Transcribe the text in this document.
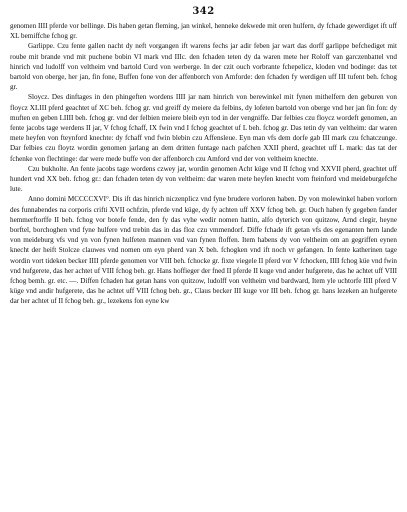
342

genomen IIII pferde vor bellinge. Dis haben getan fleming, jan winkel, henneke dekwede mit oren hulfern, dy fchade gewerdiget ift uff XL bemiffche fchog gr.

Garlippe. Czu fente gallen nacht dy neft vorgangen ift warens fechs jar adir feben jar wart das dorff garlippe befchediget mit roube mit brande vnd mit puchene bobin VI mark vnd IIIc. den fchaden teten dy da waren mete her Roloff van garczenbattel vnd hinrich vnd ludolff von veltheim vnd bartold Curd von werberge. In der czit ouch vorbrante fchepelicz, kloden vnd bodinge: das tet bartold von oberge, her jan, fin fone, Buffen fone von der affenborch von Amforde: den fchaden fy werdigen uff III tufent beh. fchog gr.

Sloycz. Des dinftages in den phingeften wordens IIII jar nam hinrich von berewinkel mit fynen mithelfern den geburen von floycz XLIII pferd geachtet uf XC beh. fchog gr. vnd greiff dy meiere da felbins, dy lofeten bartold von oberge vnd her jan fin fon: dy muften en geben LIIII beh. fchog gr. vnd der felbien meiere bleib eyn tod in der vengniffe. Dar felbies czu floycz wordeft genomen, an fente jacobs tage werdens II jar, V fchog fchaff, IX fwin vnd I fchog geachtet uf L beh. fchog gr. Das tetin dy van veltheim: dar waren mete heyfen von fteynford knechte: dy fchaff vnd fwin blebin czu Affensleue. Eyn man vfs dem dorfe gab III mark czu fchatczunge. Dar felbies czu floytz wordin genomen jarlang an dem dritten funtage nach pafchen XXII pherd, geachtet uff L mark: das tat der fchenke von flechtinge: dar were mede buffe von der affenborch czu Amford vnd der von veltheim knechte.

Czu bukholte. An fente jacobs tage wordens czwey jar, wordin genomen Acht küge vnd II fchog vnd XXVII pherd, geachtet uff hundert vnd XX beh. fchog gr.: dan fchaden teten dy von veltheim: dar waren mete heyfen knecht vom fteinford vnd meideburgefche lute.

Anno domini MCCCCXVI°. Dis ift das hinrich niczenplicz vnd fyne brudere vorloren haben. Dy von molewinkel haben vorlorn des funnabendes na corporis crifti XVII ochfzin, pferde vnd küge, dy fy achten uff XXV fchog beh. gr. Ouch haben fy gegeben fander hemmerftorffe II beh. fchog vor botefe fende, den fy das vyhe wedir nomen hattin, alfo dyterich von quitzow, Arnd clegir, heyne borftel, borchoghen vnd fyne hulfere vnd trebin das in das floz czu vmmendorf. Diffe fchade ift getan vfs des egenanten hern lande von meideburg vfs vnd yn von fynen hulfeten mannen vnd van fynen floffen. Item habens dy von veltheim om an gegriffen eynen knecht der heift Stolcze clauwes vnd nomen om eyn pherd van X beh. fchogken vnd ift noch vr gefangen. In fente katherinen tage wordin vort tideken becker IIII pferde genomen vor VIII beh. fchocke gr. fixte viegele II pferd vor V fchocken, IIII fchog küe vnd fwin vnd hufgerete, das her achtet uf VIII fchog beh. gr. Hans hoffieger der fned II pferde II kuge vnd ander hufgerete, das he achtet uff VIII fchog bemh. gr. etc. —. Diffen fchaden hat getan hans von quitzow, ludolff von veltheim vnd bardward, Item yle uchtorfe IIII pferd V küge vnd andir hufgerete, das he achtet uff VIII fchog beh. gr., Claus becker III kuge vor III beh. fchog gr. hans lezeken an hufgerete dar her achtet uf II fchog beh. gr., lezekens fon eyne kw
